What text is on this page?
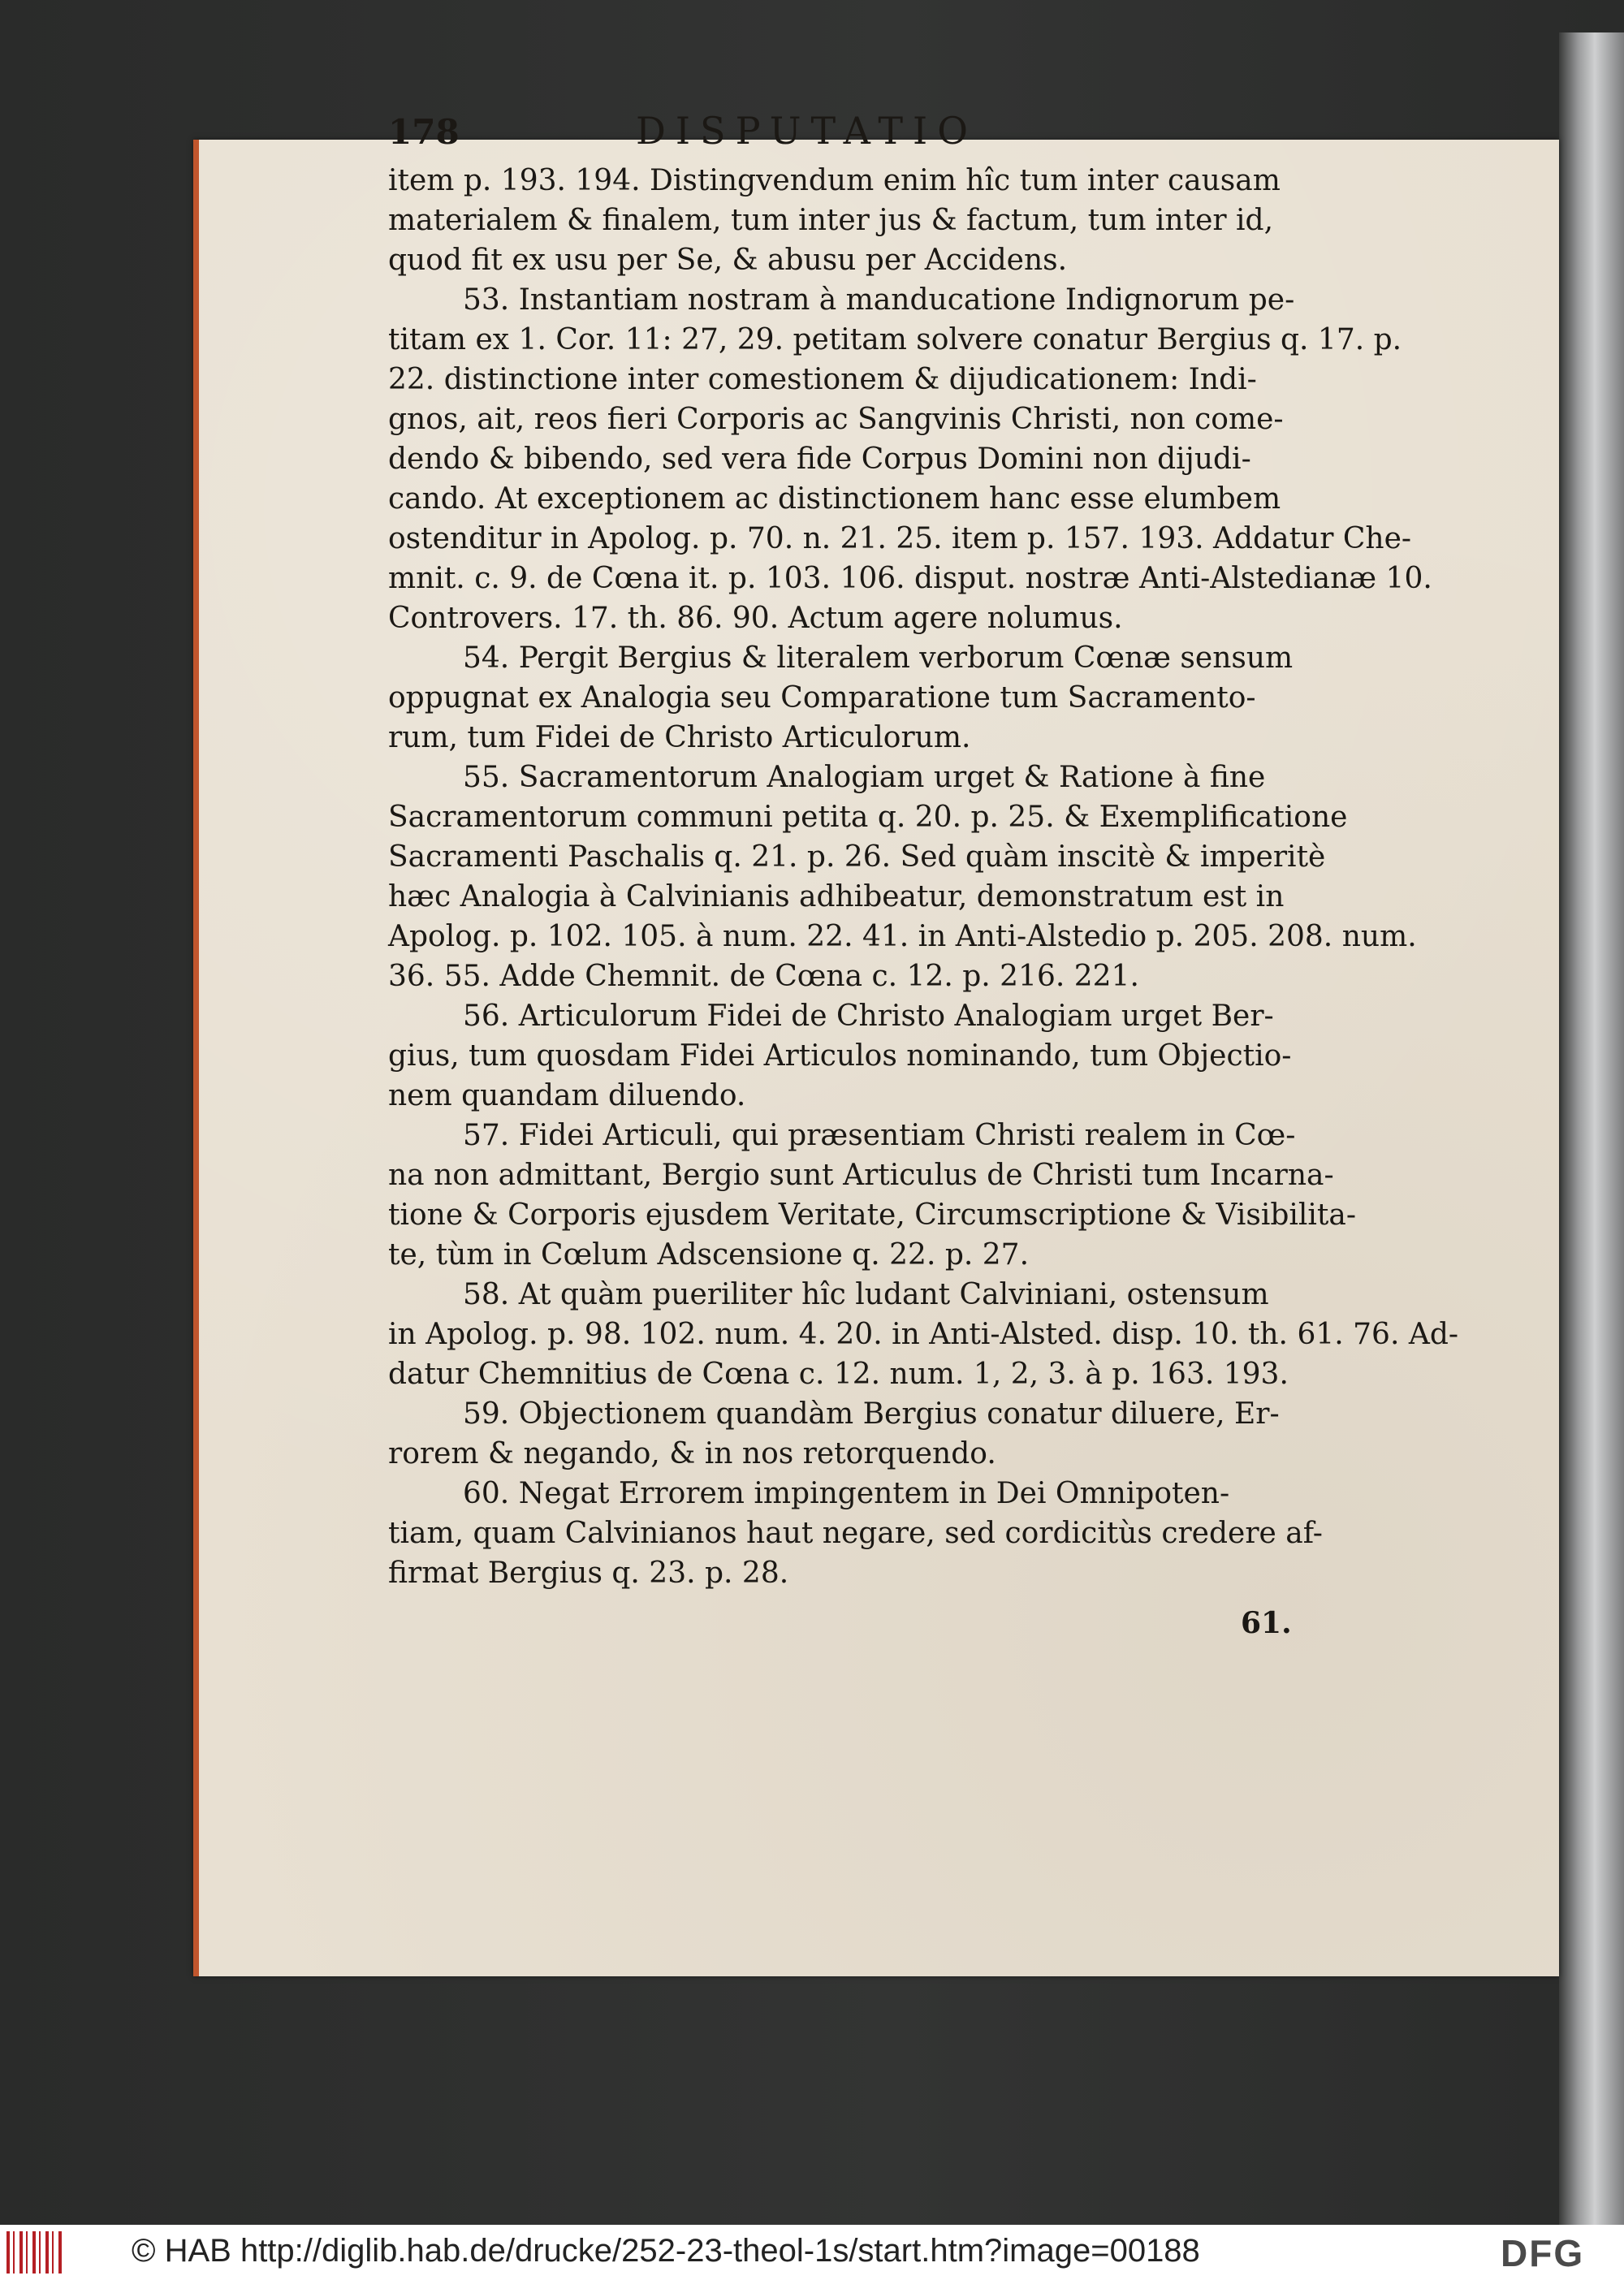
178	DISPUTATIO
item p. 193. 194. Distingvendum enim hîc tum inter causam
materialem & finalem, tum inter jus & factum, tum inter id,
quod fit ex usu per Se, & abusu per Accidens.
53. Instantiam nostram à manducatione Indignorum pe-
titam ex 1. Cor. 11: 27, 29. petitam solvere conatur Bergius q. 17. p.
22. distinctione inter comestionem & dijudicationem: Indi-
gnos, ait, reos fieri Corporis ac Sangvinis Christi, non come-
dendo & bibendo, sed vera fide Corpus Domini non dijudi-
cando. At exceptionem ac distinctionem hanc esse elumbem
ostenditur in Apolog. p. 70. n. 21. 25. item p. 157. 193. Addatur Che-
mnit. c. 9. de Cœna it. p. 103. 106. disput. nostræ Anti-Alstedianæ 10.
Controvers. 17. th. 86. 90. Actum agere nolumus.
54. Pergit Bergius & literalem verborum Cœnæ sensum
oppugnat ex Analogia seu Comparatione tum Sacramento-
rum, tum Fidei de Christo Articulorum.
55. Sacramentorum Analogiam urget & Ratione à fine
Sacramentorum communi petita q. 20. p. 25. & Exemplificatione
Sacramenti Paschalis q. 21. p. 26. Sed quàm inscitè & imperitè
hæc Analogia à Calvinianis adhibeatur, demonstratum est in
Apolog. p. 102. 105. à num. 22. 41. in Anti-Alstedio p. 205. 208. num.
36. 55. Adde Chemnit. de Cœna c. 12. p. 216. 221.
56. Articulorum Fidei de Christo Analogiam urget Ber-
gius, tum quosdam Fidei Articulos nominando, tum Objectio-
nem quandam diluendo.
57. Fidei Articuli, qui præsentiam Christi realem in Cœ-
na non admittant, Bergio sunt Articulus de Christi tum Incarna-
tione & Corporis ejusdem Veritate, Circumscriptione & Visibilita-
te, tùm in Cœlum Adscensione q. 22. p. 27.
58. At quàm pueriliter hîc ludant Calviniani, ostensum
in Apolog. p. 98. 102. num. 4. 20. in Anti-Alsted. disp. 10. th. 61. 76. Ad-
datur Chemnitius de Cœna c. 12. num. 1, 2, 3. à p. 163. 193.
59. Objectionem quandàm Bergius conatur diluere, Er-
rorem & negando, & in nos retorquendo.
60. Negat Errorem impingentem in Dei Omnipoten-
tiam, quam Calvinianos haut negare, sed cordicitùs credere af-
firmat Bergius q. 23. p. 28.
61.
© HAB http://diglib.hab.de/drucke/252-23-theol-1s/start.htm?image=00188	DFG
